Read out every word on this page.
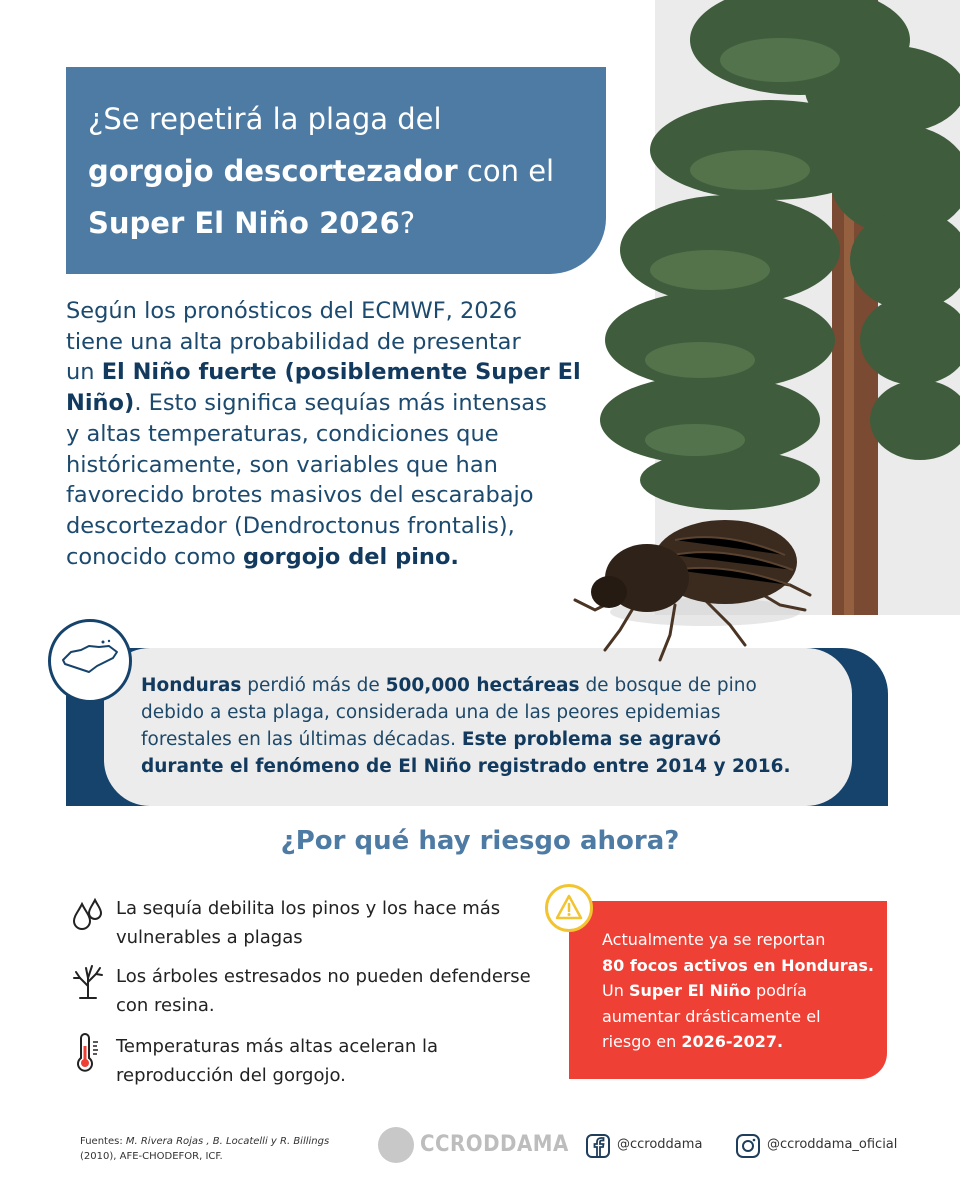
¿Se repetirá la plaga del
gorgojo descortezador con el
Super El Niño 2026?
Según los pronósticos del ECMWF, 2026
tiene una alta probabilidad de presentar
un El Niño fuerte (posiblemente Super El
Niño). Esto significa sequías más intensas
y altas temperaturas, condiciones que
históricamente, son variables que han
favorecido brotes masivos del escarabajo
descortezador (Dendroctonus frontalis),
conocido como gorgojo del pino.
Honduras perdió más de 500,000 hectáreas de bosque de pino
debido a esta plaga, considerada una de las peores epidemias
forestales en las últimas décadas. Este problema se agravó
durante el fenómeno de El Niño registrado entre 2014 y 2016.
¿Por qué hay riesgo ahora?
La sequía debilita los pinos y los hace más
vulnerables a plagas
Los árboles estresados no pueden defenderse
con resina.
Temperaturas más altas aceleran la
reproducción del gorgojo.
Actualmente ya se reportan
80 focos activos en Honduras.
Un Super El Niño podría
aumentar drásticamente el
riesgo en 2026-2027.
Fuentes: M. Rivera Rojas , B. Locatelli y R. Billings
(2010), AFE-CHODEFOR, ICF.	CCRODDAMA	@ccroddama	@ccroddama_oficial
